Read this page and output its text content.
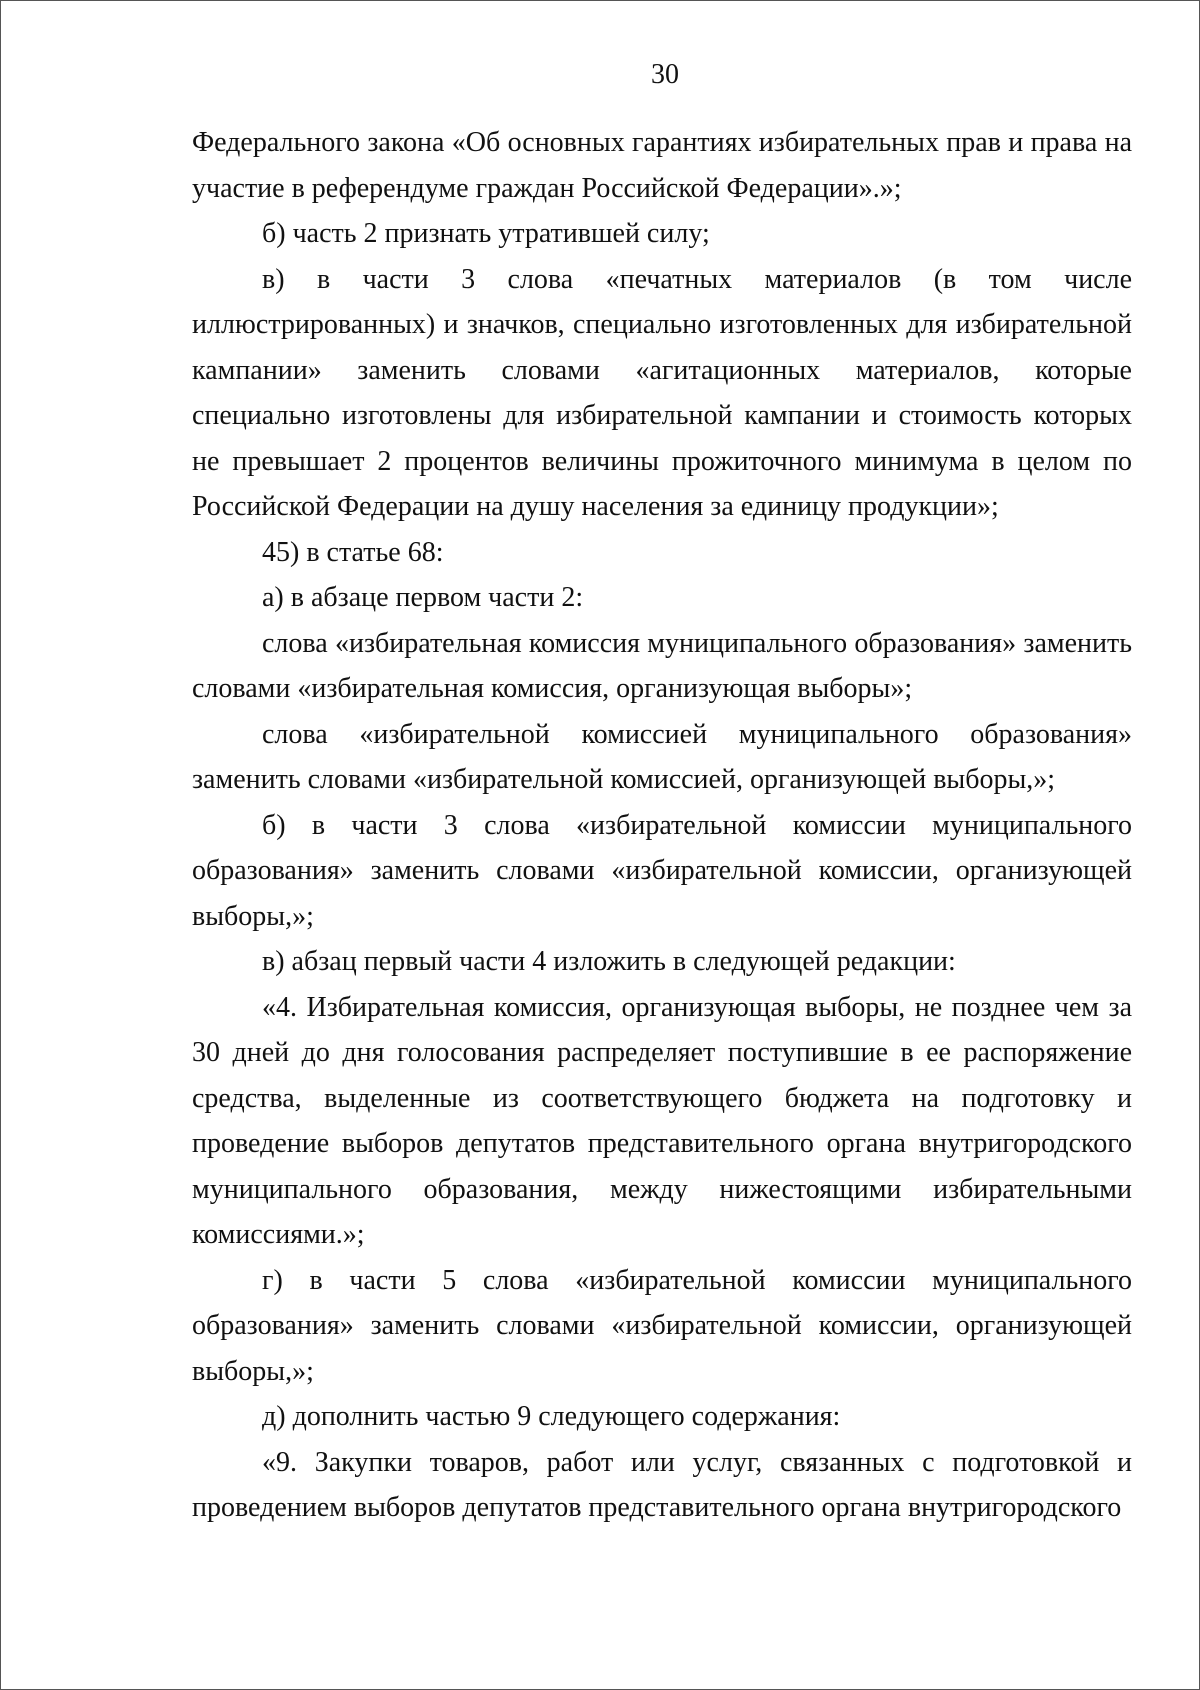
30

Федерального закона «Об основных гарантиях избирательных прав и права на участие в референдуме граждан Российской Федерации».»;

б) часть 2 признать утратившей силу;

в) в части 3 слова «печатных материалов (в том числе иллюстрированных) и значков, специально изготовленных для избирательной кампании» заменить словами «агитационных материалов, которые специально изготовлены для избирательной кампании и стоимость которых не превышает 2 процентов величины прожиточного минимума в целом по Российской Федерации на душу населения за единицу продукции»;

45) в статье 68:

а) в абзаце первом части 2:

слова «избирательная комиссия муниципального образования» заменить словами «избирательная комиссия, организующая выборы»;

слова «избирательной комиссией муниципального образования» заменить словами «избирательной комиссией, организующей выборы,»;

б) в части 3 слова «избирательной комиссии муниципального образования» заменить словами «избирательной комиссии, организующей выборы,»;

в) абзац первый части 4 изложить в следующей редакции:

«4. Избирательная комиссия, организующая выборы, не позднее чем за 30 дней до дня голосования распределяет поступившие в ее распоряжение средства, выделенные из соответствующего бюджета на подготовку и проведение выборов депутатов представительного органа внутригородского муниципального образования, между нижестоящими избирательными комиссиями.»;

г) в части 5 слова «избирательной комиссии муниципального образования» заменить словами «избирательной комиссии, организующей выборы,»;

д) дополнить частью 9 следующего содержания:

«9. Закупки товаров, работ или услуг, связанных с подготовкой и проведением выборов депутатов представительного органа внутригородского
